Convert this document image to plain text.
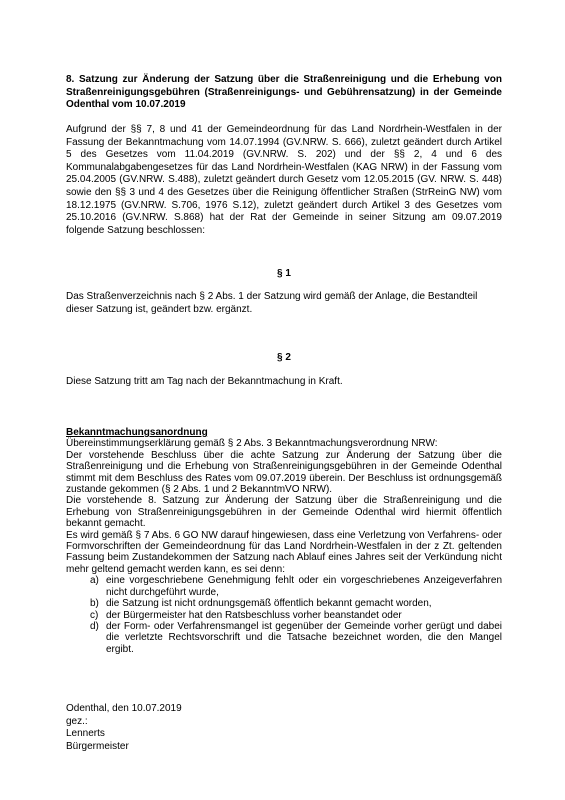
8. Satzung zur Änderung der Satzung über die Straßenreinigung und die Erhebung von Straßenreinigungsgebühren (Straßenreinigungs- und Gebührensatzung) in der Gemeinde Odenthal vom 10.07.2019
Aufgrund der §§ 7, 8 und 41 der Gemeindeordnung für das Land Nordrhein-Westfalen in der Fassung der Bekanntmachung vom 14.07.1994 (GV.NRW. S. 666), zuletzt geändert durch Artikel 5 des Gesetzes vom 11.04.2019 (GV.NRW. S. 202) und der §§ 2, 4 und 6 des Kommunalabgabengesetzes für das Land Nordrhein-Westfalen (KAG NRW) in der Fassung vom 25.04.2005 (GV.NRW. S.488), zuletzt geändert durch Gesetz vom 12.05.2015 (GV. NRW. S. 448) sowie den §§ 3 und 4 des Gesetzes über die Reinigung öffentlicher Straßen (StrReinG NW) vom 18.12.1975 (GV.NRW. S.706, 1976 S.12), zuletzt geändert durch Artikel 3 des Gesetzes vom 25.10.2016 (GV.NRW. S.868) hat der Rat der Gemeinde in seiner Sitzung am 09.07.2019 folgende Satzung beschlossen:
§ 1
Das Straßenverzeichnis nach § 2 Abs. 1 der Satzung wird gemäß der Anlage, die Bestandteil dieser Satzung ist, geändert bzw. ergänzt.
§ 2
Diese Satzung tritt am Tag nach der Bekanntmachung in Kraft.
Bekanntmachungsanordnung

Übereinstimmungserklärung gemäß § 2 Abs. 3 Bekanntmachungsverordnung NRW:

Der vorstehende Beschluss über die achte Satzung zur Änderung der Satzung über die Straßenreinigung und die Erhebung von Straßenreinigungsgebühren in der Gemeinde Odenthal stimmt mit dem Beschluss des Rates vom 09.07.2019 überein. Der Beschluss ist ordnungsgemäß zustande gekommen (§ 2 Abs. 1 und 2 BekanntmVO NRW).

Die vorstehende 8. Satzung zur Änderung der Satzung über die Straßenreinigung und die Erhebung von Straßenreinigungsgebühren in der Gemeinde Odenthal wird hiermit öffentlich bekannt gemacht.

Es wird gemäß § 7 Abs. 6 GO NW darauf hingewiesen, dass eine Verletzung von Verfahrens- oder Formvorschriften der Gemeindeordnung für das Land Nordrhein-Westfalen in der z Zt. geltenden Fassung beim Zustandekommen der Satzung nach Ablauf eines Jahres seit der Verkündung nicht mehr geltend gemacht werden kann, es sei denn:

a) eine vorgeschriebene Genehmigung fehlt oder ein vorgeschriebenes Anzeigeverfahren nicht durchgeführt wurde,
b) die Satzung ist nicht ordnungsgemäß öffentlich bekannt gemacht worden,
c) der Bürgermeister hat den Ratsbeschluss vorher beanstandet oder
d) der Form- oder Verfahrensmangel ist gegenüber der Gemeinde vorher gerügt und dabei die verletzte Rechtsvorschrift und die Tatsache bezeichnet worden, die den Mangel ergibt.
Odenthal, den 10.07.2019
gez.:
Lennerts
Bürgermeister
